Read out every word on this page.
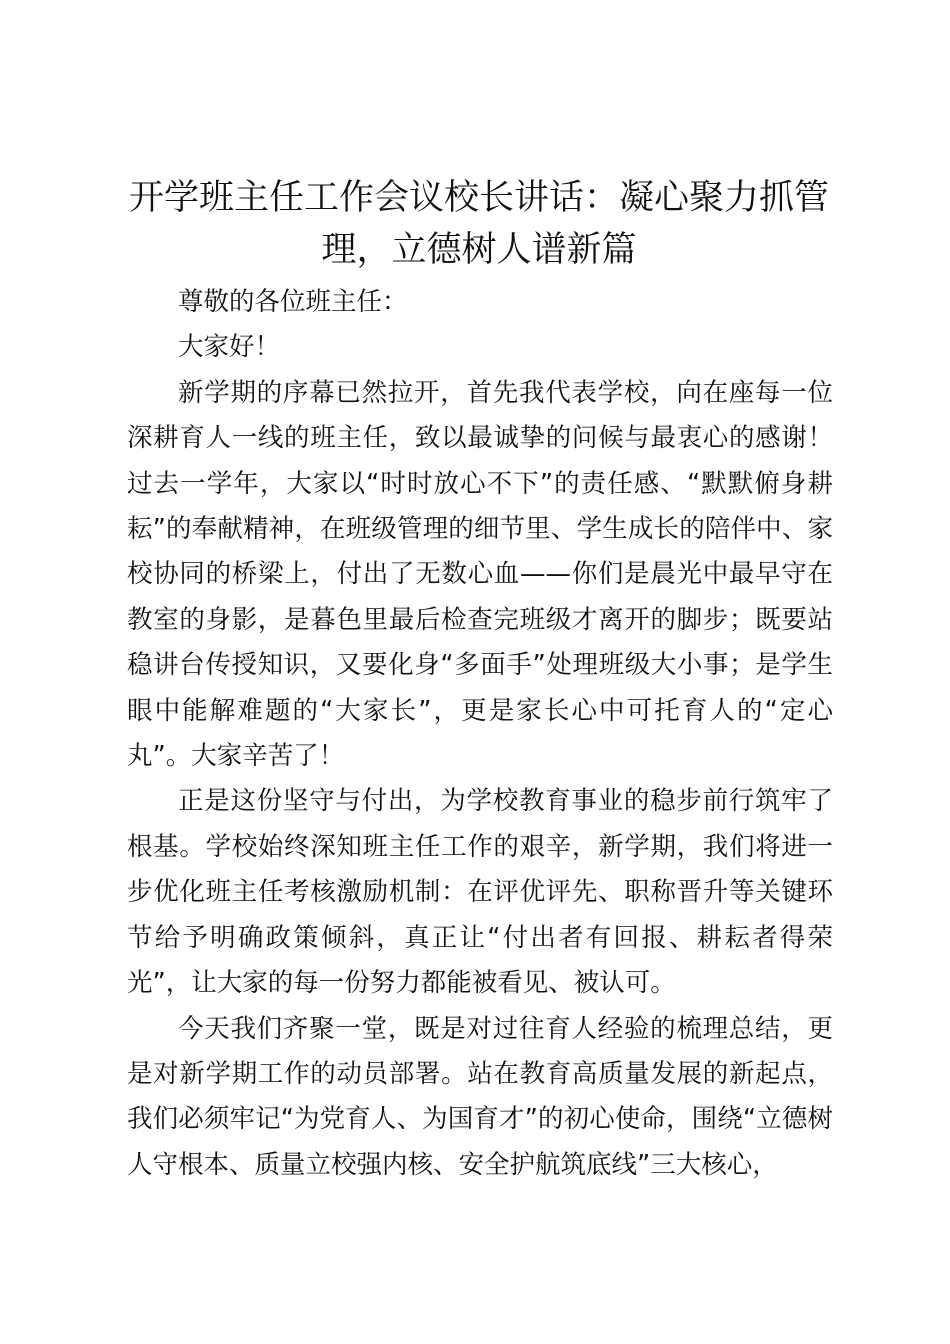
开学班主任工作会议校长讲话：凝心聚力抓管理，立德树人谱新篇

尊敬的各位班主任：

大家好！

新学期的序幕已然拉开，首先我代表学校，向在座每一位深耕育人一线的班主任，致以最诚挚的问候与最衷心的感谢！过去一学年，大家以“时时放心不下”的责任感、“默默俯身耕耘”的奉献精神，在班级管理的细节里、学生成长的陪伴中、家校协同的桥梁上，付出了无数心血——你们是晨光中最早守在教室的身影，是暮色里最后检查完班级才离开的脚步；既要站稳讲台传授知识，又要化身“多面手”处理班级大小事；是学生眼中能解难题的“大家长”，更是家长心中可托育人的“定心丸”。大家辛苦了！

正是这份坚守与付出，为学校教育事业的稳步前行筑牢了根基。学校始终深知班主任工作的艰辛，新学期，我们将进一步优化班主任考核激励机制：在评优评先、职称晋升等关键环节给予明确政策倾斜，真正让“付出者有回报、耕耘者得荣光”，让大家的每一份努力都能被看见、被认可。

今天我们齐聚一堂，既是对过往育人经验的梳理总结，更是对新学期工作的动员部署。站在教育高质量发展的新起点，我们必须牢记“为党育人、为国育才”的初心使命，围绕“立德树人守根本、质量立校强内核、安全护航筑底线”三大核心，
